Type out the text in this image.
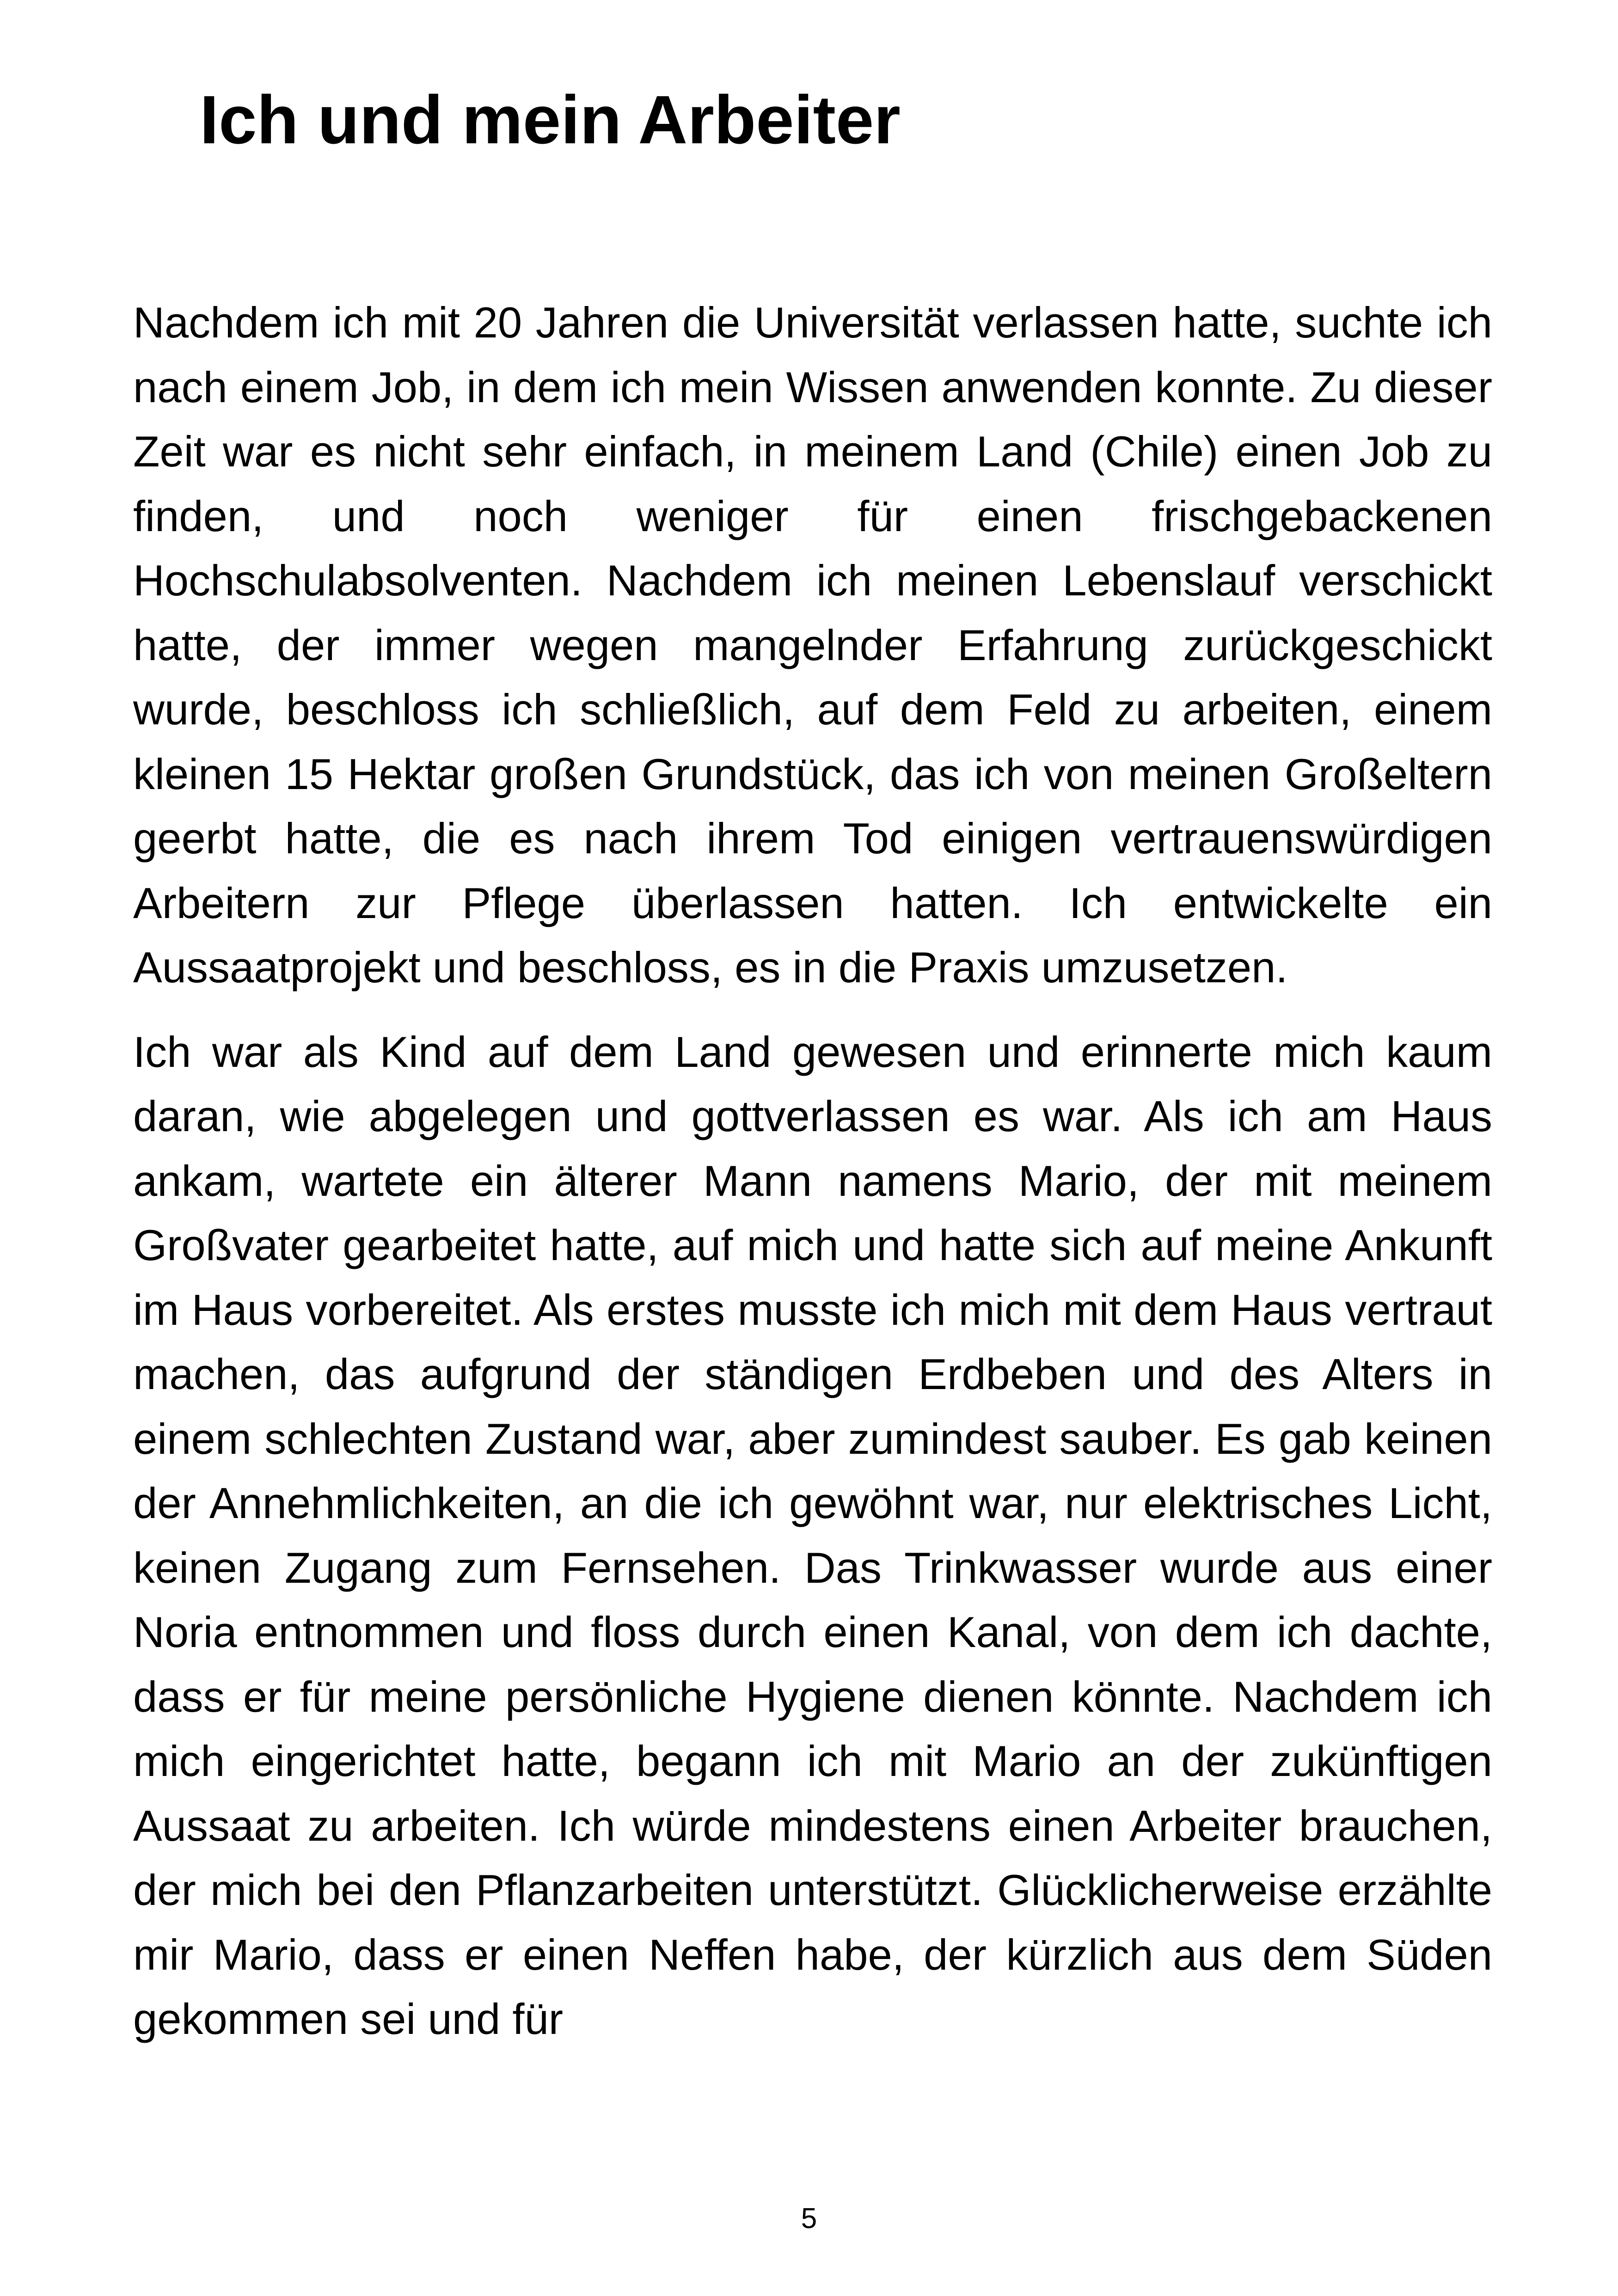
Ich und mein Arbeiter

Nachdem ich mit 20 Jahren die Universität verlassen hatte, suchte ich nach einem Job, in dem ich mein Wissen anwenden konnte. Zu dieser Zeit war es nicht sehr einfach, in meinem Land (Chile) einen Job zu finden, und noch weniger für einen frischgebackenen Hochschulabsolventen. Nachdem ich meinen Lebenslauf verschickt hatte, der immer wegen mangelnder Erfahrung zurückgeschickt wurde, beschloss ich schließlich, auf dem Feld zu arbeiten, einem kleinen 15 Hektar großen Grundstück, das ich von meinen Großeltern geerbt hatte, die es nach ihrem Tod einigen vertrauenswürdigen Arbeitern zur Pflege überlassen hatten. Ich entwickelte ein Aussaatprojekt und beschloss, es in die Praxis umzusetzen.

Ich war als Kind auf dem Land gewesen und erinnerte mich kaum daran, wie abgelegen und gottverlassen es war. Als ich am Haus ankam, wartete ein älterer Mann namens Mario, der mit meinem Großvater gearbeitet hatte, auf mich und hatte sich auf meine Ankunft im Haus vorbereitet. Als erstes musste ich mich mit dem Haus vertraut machen, das aufgrund der ständigen Erdbeben und des Alters in einem schlechten Zustand war, aber zumindest sauber. Es gab keinen der Annehmlichkeiten, an die ich gewöhnt war, nur elektrisches Licht, keinen Zugang zum Fernsehen. Das Trinkwasser wurde aus einer Noria entnommen und floss durch einen Kanal, von dem ich dachte, dass er für meine persönliche Hygiene dienen könnte. Nachdem ich mich eingerichtet hatte, begann ich mit Mario an der zukünftigen Aussaat zu arbeiten. Ich würde mindestens einen Arbeiter brauchen, der mich bei den Pflanzarbeiten unterstützt. Glücklicherweise erzählte mir Mario, dass er einen Neffen habe, der kürzlich aus dem Süden gekommen sei und für

5
